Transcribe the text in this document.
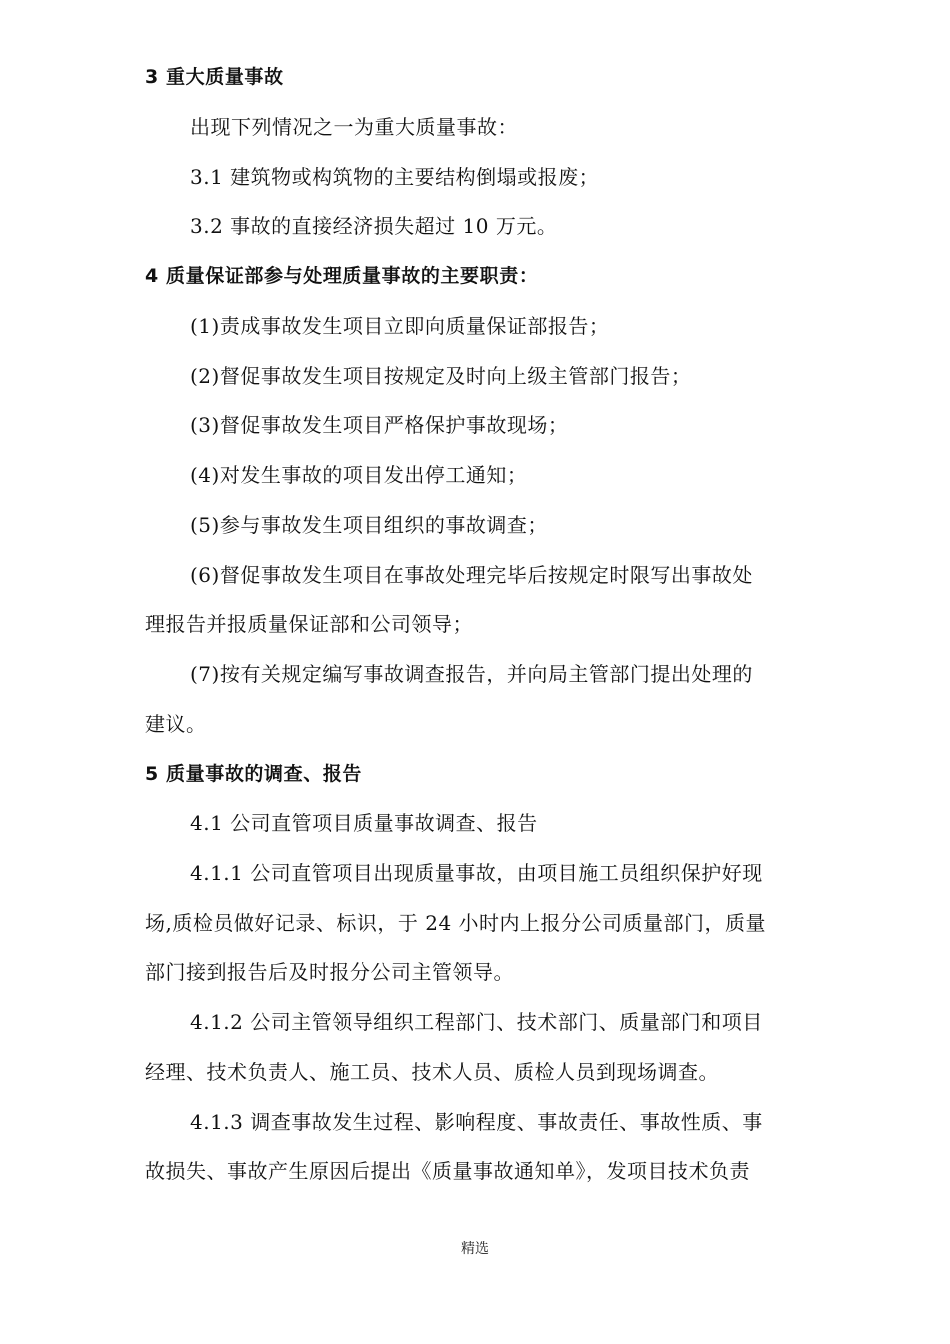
3 重大质量事故
出现下列情况之一为重大质量事故：
3.1 建筑物或构筑物的主要结构倒塌或报废；
3.2 事故的直接经济损失超过 10 万元。
4 质量保证部参与处理质量事故的主要职责：
(1)责成事故发生项目立即向质量保证部报告；
(2)督促事故发生项目按规定及时向上级主管部门报告；
(3)督促事故发生项目严格保护事故现场；
(4)对发生事故的项目发出停工通知；
(5)参与事故发生项目组织的事故调查；
(6)督促事故发生项目在事故处理完毕后按规定时限写出事故处
理报告并报质量保证部和公司领导；
(7)按有关规定编写事故调查报告，并向局主管部门提出处理的
建议。
5 质量事故的调查、报告
4.1 公司直管项目质量事故调查、报告
4.1.1 公司直管项目出现质量事故，由项目施工员组织保护好现
场,质检员做好记录、标识，于 24 小时内上报分公司质量部门，质量
部门接到报告后及时报分公司主管领导。
4.1.2 公司主管领导组织工程部门、技术部门、质量部门和项目
经理、技术负责人、施工员、技术人员、质检人员到现场调查。
4.1.3 调查事故发生过程、影响程度、事故责任、事故性质、事
故损失、事故产生原因后提出《质量事故通知单》，发项目技术负责
精选
